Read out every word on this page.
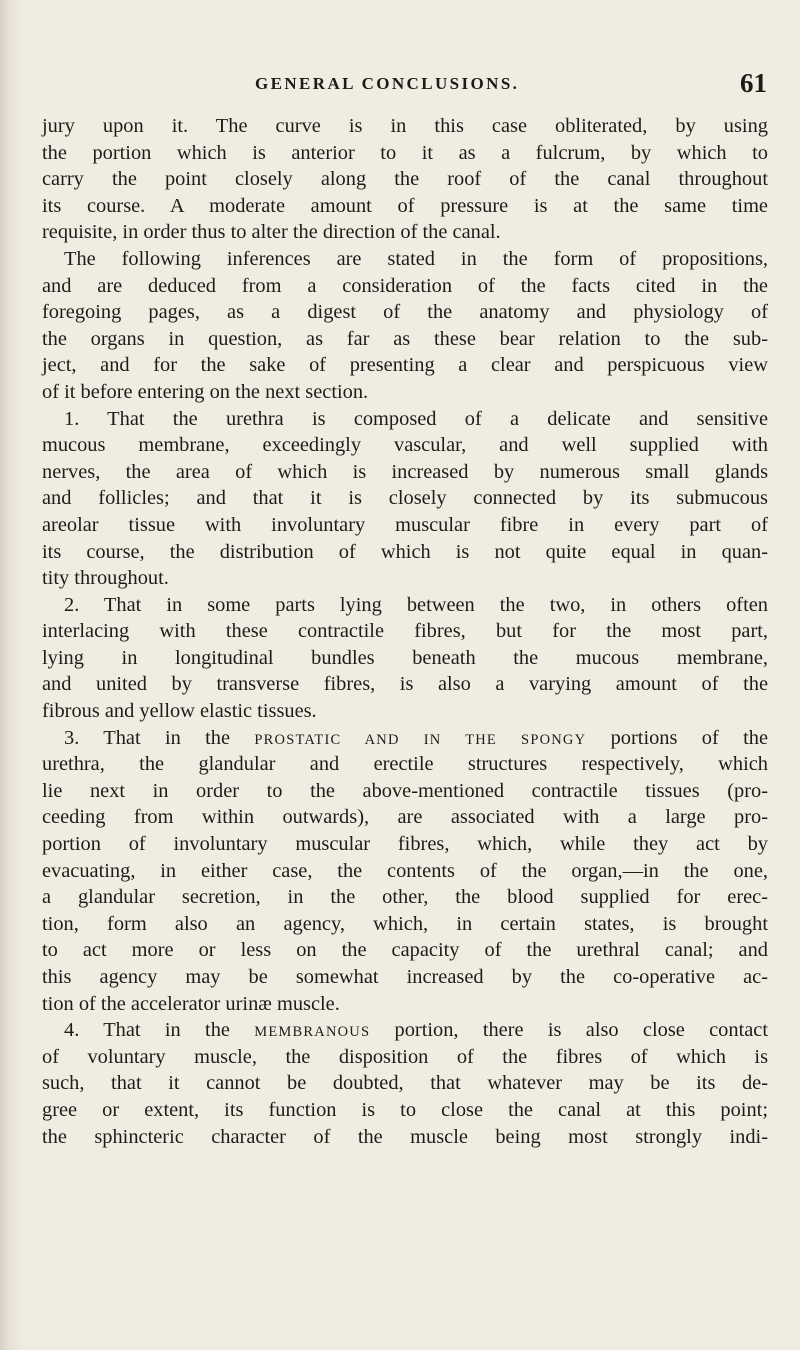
GENERAL CONCLUSIONS.	61
jury upon it. The curve is in this case obliterated, by using
the portion which is anterior to it as a fulcrum, by which to
carry the point closely along the roof of the canal throughout
its course. A moderate amount of pressure is at the same time
requisite, in order thus to alter the direction of the canal.
The following inferences are stated in the form of propositions,
and are deduced from a consideration of the facts cited in the
foregoing pages, as a digest of the anatomy and physiology of
the organs in question, as far as these bear relation to the sub-
ject, and for the sake of presenting a clear and perspicuous view
of it before entering on the next section.
1. That the urethra is composed of a delicate and sensitive
mucous membrane, exceedingly vascular, and well supplied with
nerves, the area of which is increased by numerous small glands
and follicles; and that it is closely connected by its submucous
areolar tissue with involuntary muscular fibre in every part of
its course, the distribution of which is not quite equal in quan-
tity throughout.
2. That in some parts lying between the two, in others often
interlacing with these contractile fibres, but for the most part,
lying in longitudinal bundles beneath the mucous membrane,
and united by transverse fibres, is also a varying amount of the
fibrous and yellow elastic tissues.
3. That in the PROSTATIC AND IN THE SPONGY portions of the
urethra, the glandular and erectile structures respectively, which
lie next in order to the above-mentioned contractile tissues (pro-
ceeding from within outwards), are associated with a large pro-
portion of involuntary muscular fibres, which, while they act by
evacuating, in either case, the contents of the organ,—in the one,
a glandular secretion, in the other, the blood supplied for erec-
tion, form also an agency, which, in certain states, is brought
to act more or less on the capacity of the urethral canal; and
this agency may be somewhat increased by the co-operative ac-
tion of the accelerator urinæ muscle.
4. That in the MEMBRANOUS portion, there is also close contact
of voluntary muscle, the disposition of the fibres of which is
such, that it cannot be doubted, that whatever may be its de-
gree or extent, its function is to close the canal at this point;
the sphincteric character of the muscle being most strongly indi-
